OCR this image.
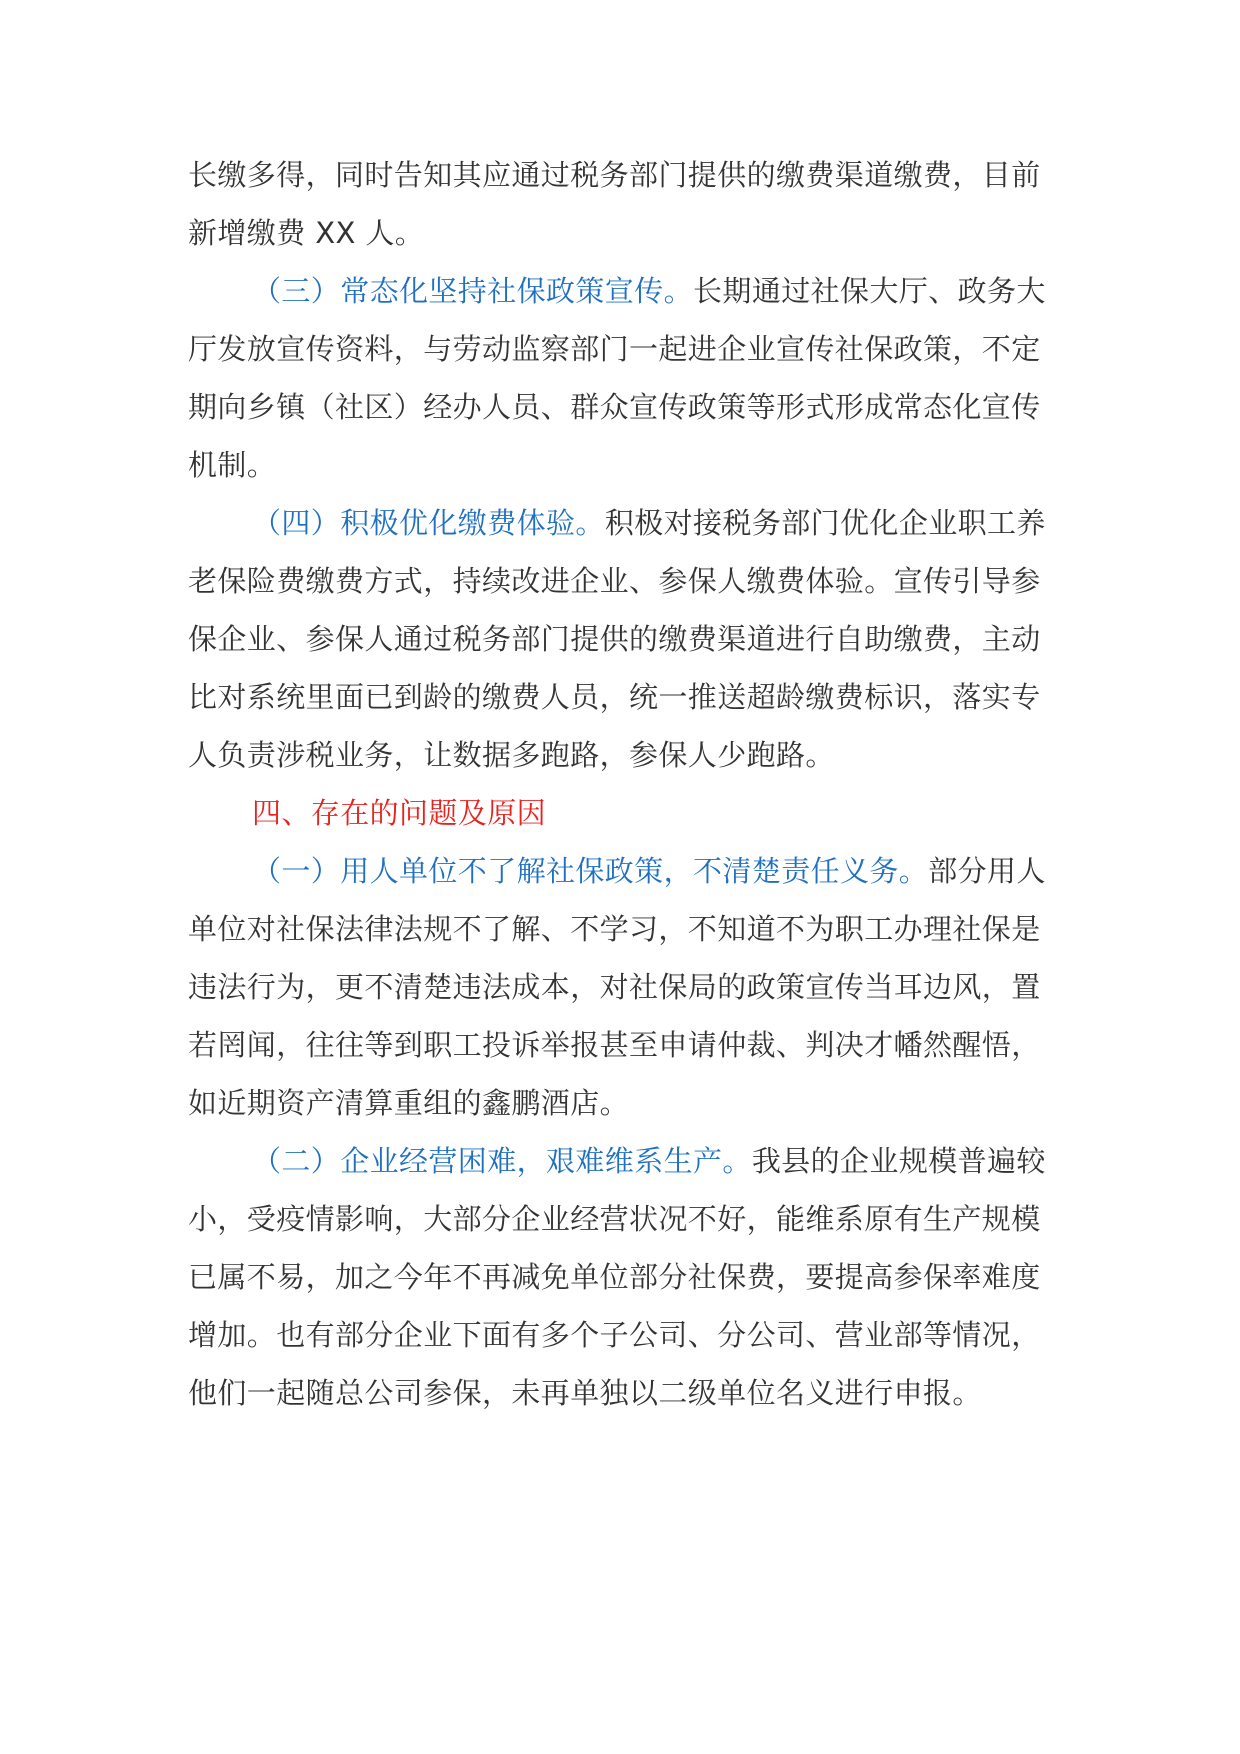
长缴多得，同时告知其应通过税务部门提供的缴费渠道缴费，目前
新增缴费 XX 人。
（三）常态化坚持社保政策宣传。长期通过社保大厅、政务大
厅发放宣传资料，与劳动监察部门一起进企业宣传社保政策，不定
期向乡镇（社区）经办人员、群众宣传政策等形式形成常态化宣传
机制。
（四）积极优化缴费体验。积极对接税务部门优化企业职工养
老保险费缴费方式，持续改进企业、参保人缴费体验。宣传引导参
保企业、参保人通过税务部门提供的缴费渠道进行自助缴费，主动
比对系统里面已到龄的缴费人员，统一推送超龄缴费标识，落实专
人负责涉税业务，让数据多跑路，参保人少跑路。
四、存在的问题及原因
（一）用人单位不了解社保政策，不清楚责任义务。部分用人
单位对社保法律法规不了解、不学习，不知道不为职工办理社保是
违法行为，更不清楚违法成本，对社保局的政策宣传当耳边风，置
若罔闻，往往等到职工投诉举报甚至申请仲裁、判决才幡然醒悟，
如近期资产清算重组的鑫鹏酒店。
（二）企业经营困难，艰难维系生产。我县的企业规模普遍较
小，受疫情影响，大部分企业经营状况不好，能维系原有生产规模
已属不易，加之今年不再减免单位部分社保费，要提高参保率难度
增加。也有部分企业下面有多个子公司、分公司、营业部等情况，
他们一起随总公司参保，未再单独以二级单位名义进行申报。
